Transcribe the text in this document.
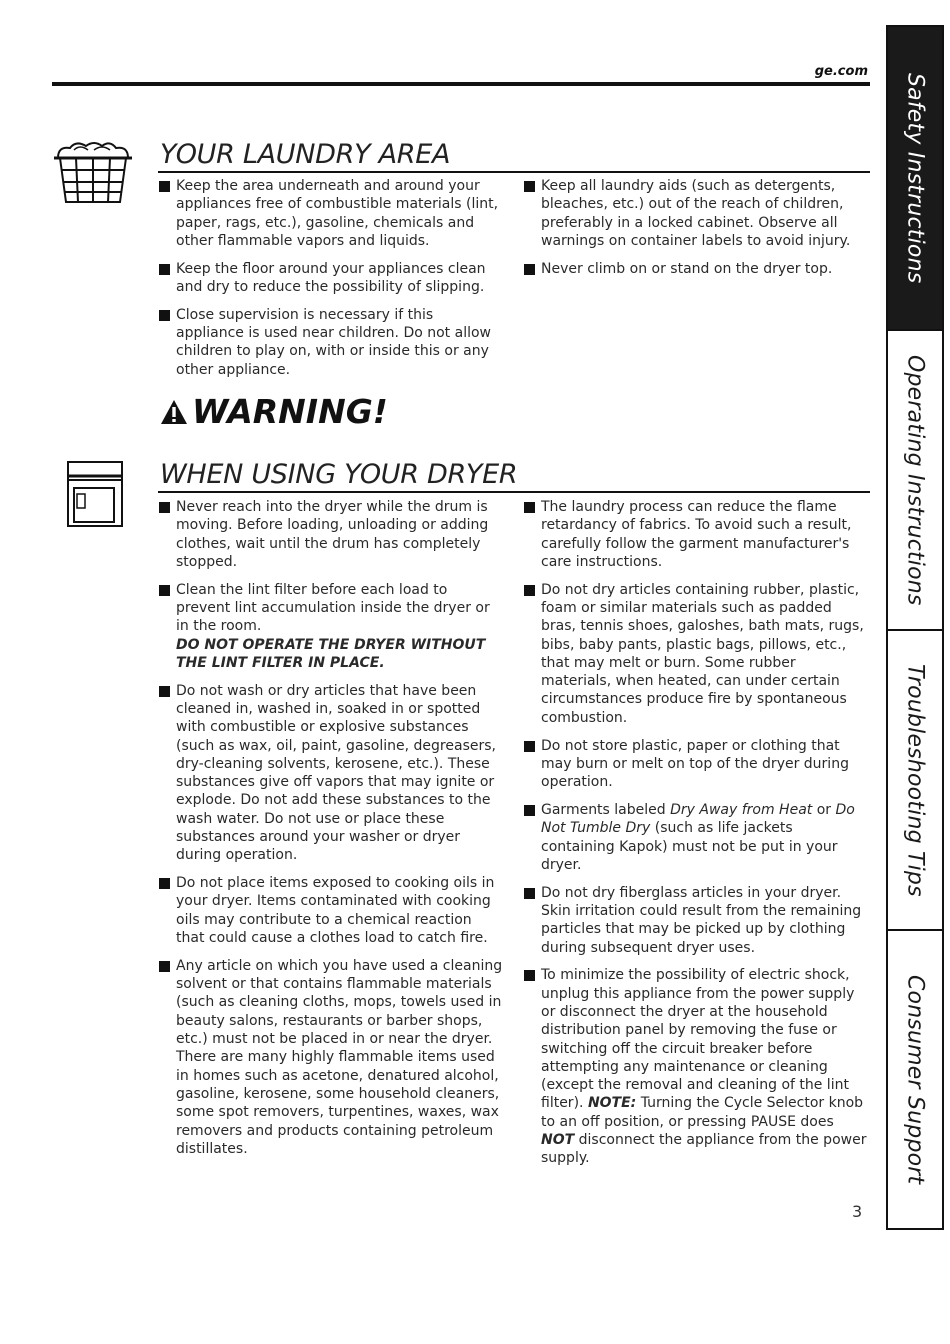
ge.com
YOUR LAUNDRY AREA
Keep the area underneath and around your appliances free of combustible materials (lint, paper, rags, etc.), gasoline, chemicals and other flammable vapors and liquids.
Keep the floor around your appliances clean and dry to reduce the possibility of slipping.
Close supervision is necessary if this appliance is used near children. Do not allow children to play on, with or inside this or any other appliance.
Keep all laundry aids (such as detergents, bleaches, etc.) out of the reach of children, preferably in a locked cabinet. Observe all warnings on container labels to avoid injury.
Never climb on or stand on the dryer top.
WARNING!
WHEN USING YOUR DRYER
Never reach into the dryer while the drum is moving. Before loading, unloading or adding clothes, wait until the drum has completely stopped.
Clean the lint filter before each load to prevent lint accumulation inside the dryer or in the room.
DO NOT OPERATE THE DRYER WITHOUT THE LINT FILTER IN PLACE.
Do not wash or dry articles that have been cleaned in, washed in, soaked in or spotted with combustible or explosive substances (such as wax, oil, paint, gasoline, degreasers, dry-cleaning solvents, kerosene, etc.). These substances give off vapors that may ignite or explode. Do not add these substances to the wash water. Do not use or place these substances around your washer or dryer during operation.
Do not place items exposed to cooking oils in your dryer. Items contaminated with cooking oils may contribute to a chemical reaction that could cause a clothes load to catch fire.
Any article on which you have used a cleaning solvent or that contains flammable materials (such as cleaning cloths, mops, towels used in beauty salons, restaurants or barber shops, etc.) must not be placed in or near the dryer. There are many highly flammable items used in homes such as acetone, denatured alcohol, gasoline, kerosene, some household cleaners, some spot removers, turpentines, waxes, wax removers and products containing petroleum distillates.
The laundry process can reduce the flame retardancy of fabrics. To avoid such a result, carefully follow the garment manufacturer's care instructions.
Do not dry articles containing rubber, plastic, foam or similar materials such as padded bras, tennis shoes, galoshes, bath mats, rugs, bibs, baby pants, plastic bags, pillows, etc., that may melt or burn. Some rubber materials, when heated, can under certain circumstances produce fire by spontaneous combustion.
Do not store plastic, paper or clothing that may burn or melt on top of the dryer during operation.
Garments labeled Dry Away from Heat or Do Not Tumble Dry (such as life jackets containing Kapok) must not be put in your dryer.
Do not dry fiberglass articles in your dryer. Skin irritation could result from the remaining particles that may be picked up by clothing during subsequent dryer uses.
To minimize the possibility of electric shock, unplug this appliance from the power supply or disconnect the dryer at the household distribution panel by removing the fuse or switching off the circuit breaker before attempting any maintenance or cleaning (except the removal and cleaning of the lint filter). NOTE: Turning the Cycle Selector knob to an off position, or pressing PAUSE does NOT disconnect the appliance from the power supply.
Safety Instructions
Operating Instructions
Troubleshooting Tips
Consumer Support
3
